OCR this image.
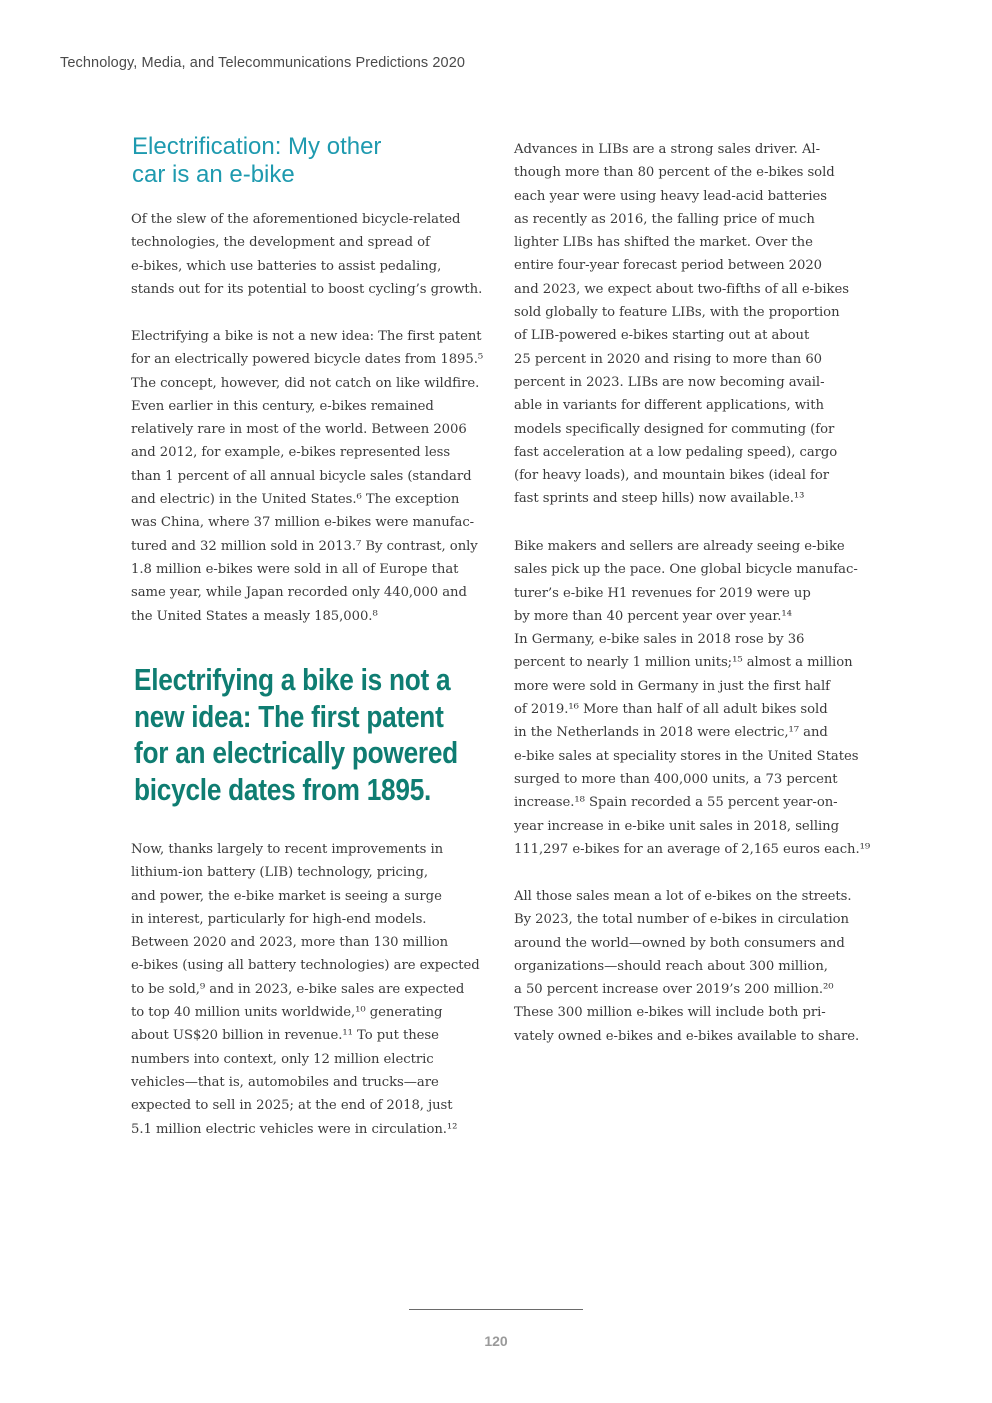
Technology, Media, and Telecommunications Predictions 2020
Electrification: My other
car is an e-bike

Of the slew of the aforementioned bicycle-related
technologies, the development and spread of
e-bikes, which use batteries to assist pedaling,
stands out for its potential to boost cycling’s growth.

Electrifying a bike is not a new idea: The first patent
for an electrically powered bicycle dates from 1895.⁵
The concept, however, did not catch on like wildfire.
Even earlier in this century, e-bikes remained
relatively rare in most of the world. Between 2006
and 2012, for example, e-bikes represented less
than 1 percent of all annual bicycle sales (standard
and electric) in the United States.⁶ The exception
was China, where 37 million e-bikes were manufac-
tured and 32 million sold in 2013.⁷ By contrast, only
1.8 million e-bikes were sold in all of Europe that
same year, while Japan recorded only 440,000 and
the United States a measly 185,000.⁸

Electrifying a bike is not a
new idea: The first patent
for an electrically powered
bicycle dates from 1895.

Now, thanks largely to recent improvements in
lithium-ion battery (LIB) technology, pricing,
and power, the e-bike market is seeing a surge
in interest, particularly for high-end models.
Between 2020 and 2023, more than 130 million
e-bikes (using all battery technologies) are expected
to be sold,⁹ and in 2023, e-bike sales are expected
to top 40 million units worldwide,¹⁰ generating
about US$20 billion in revenue.¹¹ To put these
numbers into context, only 12 million electric
vehicles—that is, automobiles and trucks—are
expected to sell in 2025; at the end of 2018, just
5.1 million electric vehicles were in circulation.¹²

Advances in LIBs are a strong sales driver. Al-
though more than 80 percent of the e-bikes sold
each year were using heavy lead-acid batteries
as recently as 2016, the falling price of much
lighter LIBs has shifted the market. Over the
entire four-year forecast period between 2020
and 2023, we expect about two-fifths of all e-bikes
sold globally to feature LIBs, with the proportion
of LIB-powered e-bikes starting out at about
25 percent in 2020 and rising to more than 60
percent in 2023. LIBs are now becoming avail-
able in variants for different applications, with
models specifically designed for commuting (for
fast acceleration at a low pedaling speed), cargo
(for heavy loads), and mountain bikes (ideal for
fast sprints and steep hills) now available.¹³

Bike makers and sellers are already seeing e-bike
sales pick up the pace. One global bicycle manufac-
turer’s e-bike H1 revenues for 2019 were up
by more than 40 percent year over year.¹⁴
In Germany, e-bike sales in 2018 rose by 36
percent to nearly 1 million units;¹⁵ almost a million
more were sold in Germany in just the first half
of 2019.¹⁶ More than half of all adult bikes sold
in the Netherlands in 2018 were electric,¹⁷ and
e-bike sales at speciality stores in the United States
surged to more than 400,000 units, a 73 percent
increase.¹⁸ Spain recorded a 55 percent year-on-
year increase in e-bike unit sales in 2018, selling
111,297 e-bikes for an average of 2,165 euros each.¹⁹

All those sales mean a lot of e-bikes on the streets.
By 2023, the total number of e-bikes in circulation
around the world—owned by both consumers and
organizations—should reach about 300 million,
a 50 percent increase over 2019’s 200 million.²⁰
These 300 million e-bikes will include both pri-
vately owned e-bikes and e-bikes available to share.

120
